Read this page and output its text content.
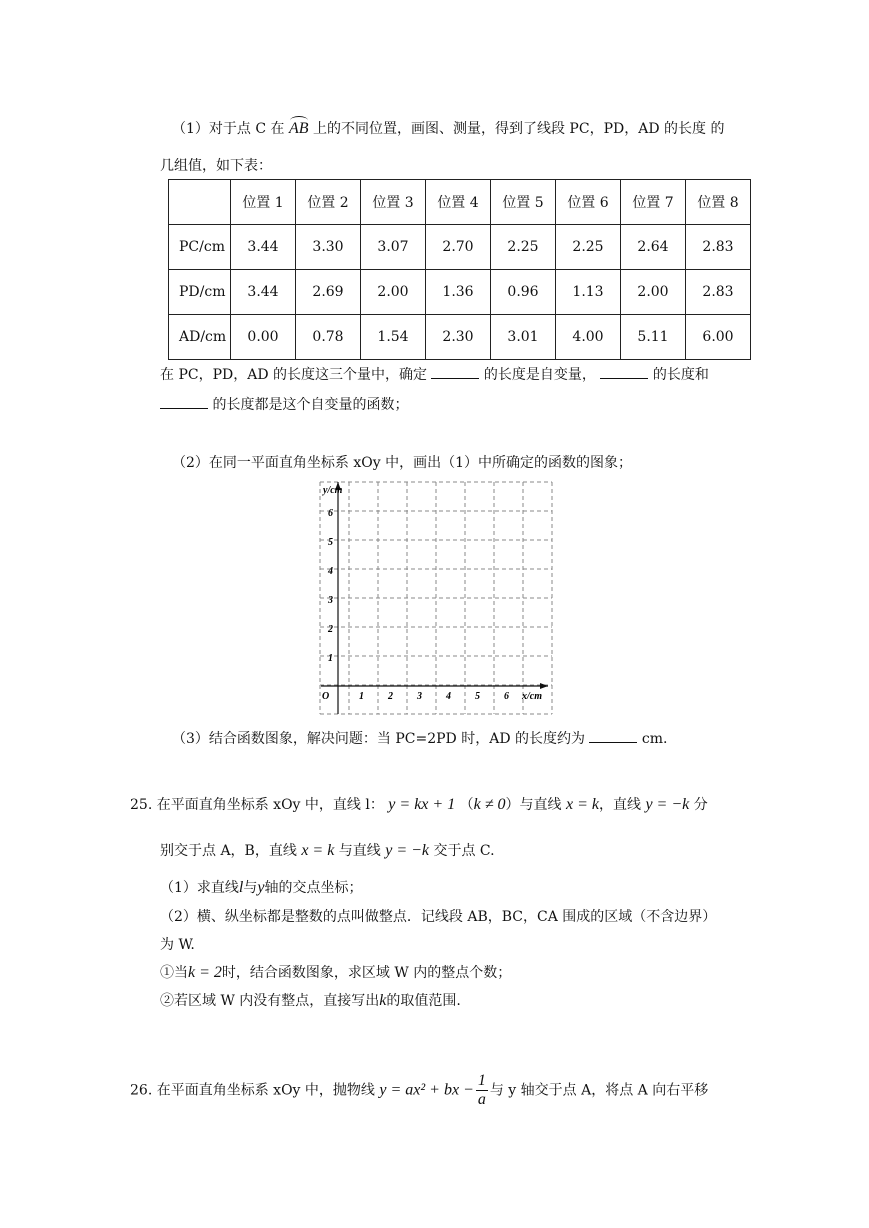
（1）对于点 C 在 AB 上的不同位置，画图、测量，得到了线段 PC，PD，AD 的长度 的
几组值，如下表：
	位置 1	位置 2	位置 3	位置 4	位置 5	位置 6	位置 7	位置 8
PC/cm	3.44	3.30	3.07	2.70	2.25	2.25	2.64	2.83
PD/cm	3.44	2.69	2.00	1.36	0.96	1.13	2.00	2.83
AD/cm	0.00	0.78	1.54	2.30	3.01	4.00	5.11	6.00
在 PC，PD，AD 的长度这三个量中，确定	的长度是自变量，	的长度和
的长度都是这个自变量的函数；
（2）在同一平面直角坐标系 xOy 中，画出（1）中所确定的函数的图象；
1 2 3 4 5 6
1
2
3
4
5
6
O
y/cm
x/cm
（3）结合函数图象，解决问题：当 PC=2PD 时，AD 的长度约为	cm.
25. 在平面直角坐标系 xOy 中，直线 l： y = kx + 1 （k ≠ 0）与直线 x = k，直线 y = −k 分
别交于点 A，B，直线 x = k 与直线 y = −k 交于点 C.
（1）求直线l与y轴的交点坐标；
（2）横、纵坐标都是整数的点叫做整点．记线段 AB，BC，CA 围成的区域（不含边界）
为 W.
①当k = 2时，结合函数图象，求区域 W 内的整点个数；
②若区域 W 内没有整点，直接写出k的取值范围.
26. 在平面直角坐标系 xOy 中，抛物线 y = ax² + bx − $\frac{1}{a}$ 与 y 轴交于点 A，将点 A 向右平移
